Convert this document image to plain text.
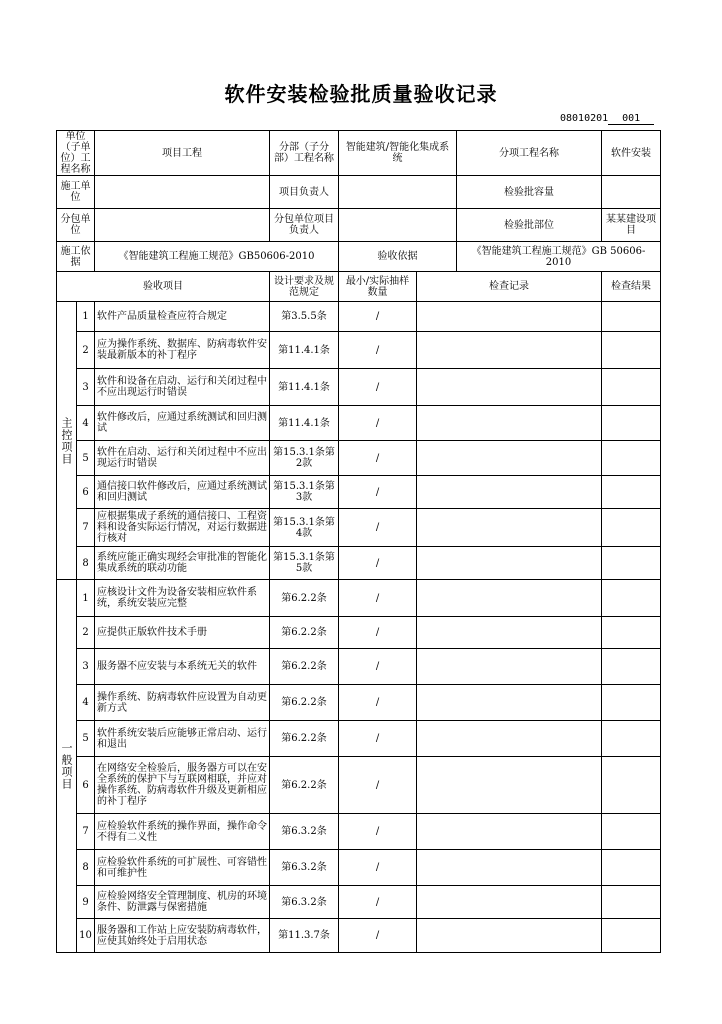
软件安装检验批质量验收记录
08010201 001
单位（子单位）工程名称		项目工程	分部（子分部）工程名称	智能建筑/智能化集成系统		分项工程名称	软件安装
施工单位			项目负责人			检验批容量	
分包单位			分包单位项目负责人			检验批部位	某某建设项目
施工依据		《智能建筑工程施工规范》GB50606-2010		验收依据		《智能建筑工程施工规范》GB 50606-2010	
验收项目			设计要求及规范规定	最小/实际抽样数量	检查记录		检查结果
主控项目	1	软件产品质量检查应符合规定	第3.5.5条	/			
	2	应为操作系统、数据库、防病毒软件安装最新版本的补丁程序	第11.4.1条	/			
	3	软件和设备在启动、运行和关闭过程中不应出现运行时错误	第11.4.1条	/			
	4	软件修改后，应通过系统测试和回归测试	第11.4.1条	/			
	5	软件在启动、运行和关闭过程中不应出现运行时错误	第15.3.1条第2款	/			
	6	通信接口软件修改后，应通过系统测试和回归测试	第15.3.1条第3款	/			
	7	应根据集成子系统的通信接口、工程资料和设备实际运行情况，对运行数据进行核对	第15.3.1条第4款	/			
	8	系统应能正确实现经会审批准的智能化集成系统的联动功能	第15.3.1条第5款	/			
一般项目	1	应核设计文件为设备安装相应软件系统，系统安装应完整	第6.2.2条	/			
	2	应提供正版软件技术手册	第6.2.2条	/			
	3	服务器不应安装与本系统无关的软件	第6.2.2条	/			
	4	操作系统、防病毒软件应设置为自动更新方式	第6.2.2条	/			
	5	软件系统安装后应能够正常启动、运行和退出	第6.2.2条	/			
	6	在网络安全检验后，服务器方可以在安全系统的保护下与互联网相联，并应对操作系统、防病毒软件升级及更新相应的补丁程序	第6.2.2条	/			
	7	应检验软件系统的操作界面，操作命令不得有二义性	第6.3.2条	/			
	8	应检验软件系统的可扩展性、可容错性和可维护性	第6.3.2条	/			
	9	应检验网络安全管理制度、机房的环境条件、防泄露与保密措施	第6.3.2条	/			
	10	服务器和工作站上应安装防病毒软件，应使其始终处于启用状态	第11.3.7条	/			
